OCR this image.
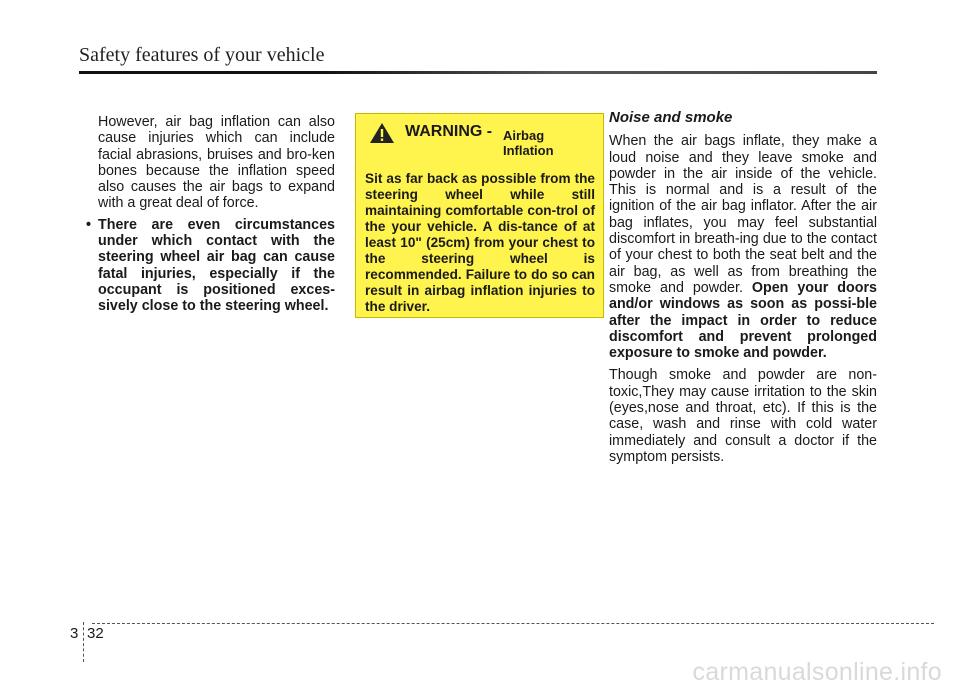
Safety features of your vehicle

However, air bag inflation can also cause injuries which can include facial abrasions, bruises and bro-ken bones because the inflation speed also causes the air bags to expand with a great deal of force.

• There are even circumstances under which contact with the steering wheel air bag can cause fatal injuries, especially if the occupant is positioned exces-sively close to the steering wheel.
WARNING - Airbag Inflation
Sit as far back as possible from the steering wheel while still maintaining comfortable con-trol of the your vehicle. A dis-tance of at least 10" (25cm) from your chest to the steering wheel is recommended. Failure to do so can result in airbag inflation injuries to the driver.
Noise and smoke

When the air bags inflate, they make a loud noise and they leave smoke and powder in the air inside of the vehicle. This is normal and is a result of the ignition of the air bag inflator. After the air bag inflates, you may feel substantial discomfort in breath-ing due to the contact of your chest to both the seat belt and the air bag, as well as from breathing the smoke and powder. Open your doors and/or windows as soon as possi-ble after the impact in order to reduce discomfort and prevent prolonged exposure to smoke and powder.

Though smoke and powder are non-toxic,They may cause irritation to the skin (eyes,nose and throat, etc). If this is the case, wash and rinse with cold water immediately and consult a doctor if the symptom persists.

3 32
carmanualsonline.info
